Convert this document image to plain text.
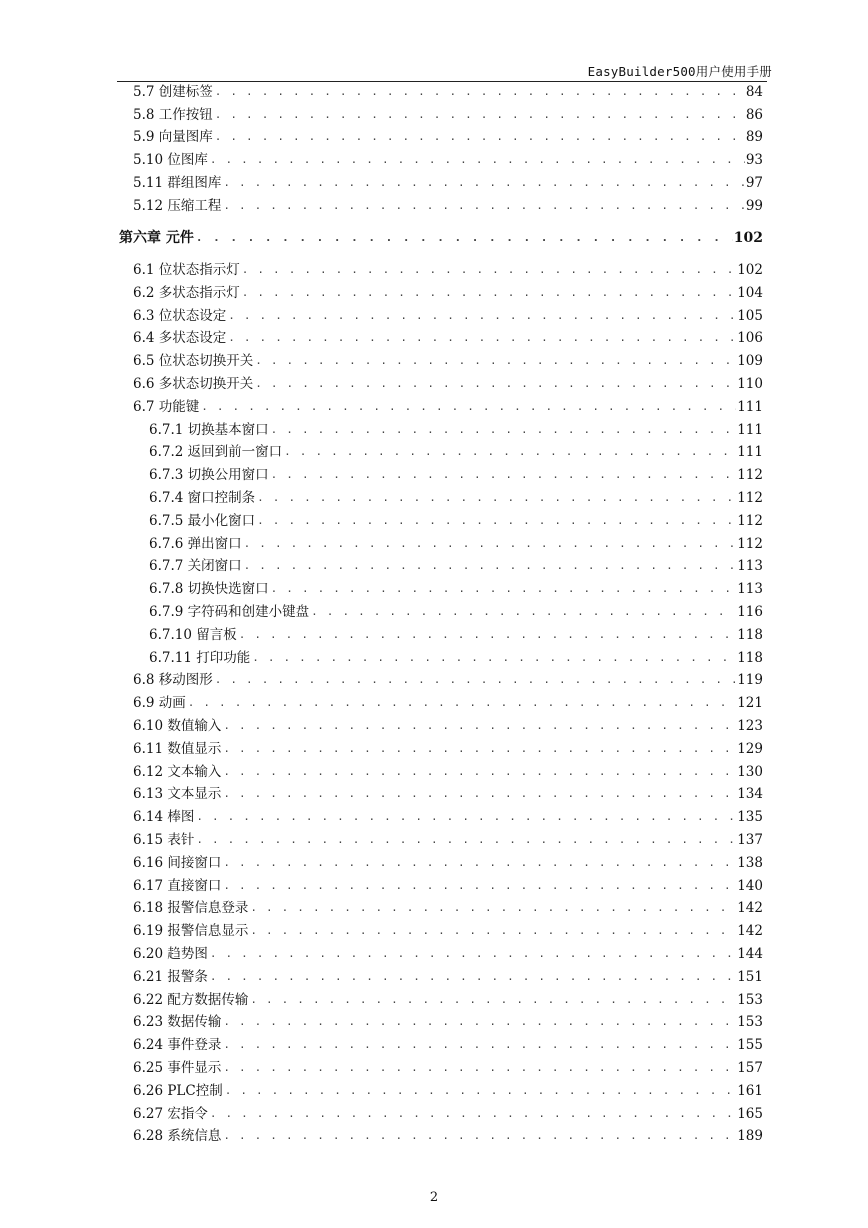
EasyBuilder500用户使用手册
5.7 创建标签 . . .	84
5.8 工作按钮 . . .	86
5.9 向量图库 . . .	89
5.10 位图库 . . .	93
5.11 群组图库 . . .	97
5.12 压缩工程 . . .	99
第六章 元件 . . .	102
6.1 位状态指示灯 . . .	102
6.2 多状态指示灯 . . .	104
6.3 位状态设定 . . .	105
6.4 多状态设定 . . .	106
6.5 位状态切换开关 . . .	109
6.6 多状态切换开关 . . .	110
6.7 功能键 . . .	111
6.7.1 切换基本窗口 . . .	111
6.7.2 返回到前一窗口 . . .	111
6.7.3 切换公用窗口 . . .	112
6.7.4 窗口控制条 . . .	112
6.7.5 最小化窗口 . . .	112
6.7.6 弹出窗口 . . .	112
6.7.7 关闭窗口 . . .	113
6.7.8 切换快选窗口 . . .	113
6.7.9 字符码和创建小键盘 . . .	116
6.7.10 留言板 . . .	118
6.7.11 打印功能 . . .	118
6.8 移动图形 . . .	119
6.9 动画 . . .	121
6.10 数值输入 . . .	123
6.11 数值显示 . . .	129
6.12 文本输入 . . .	130
6.13 文本显示 . . .	134
6.14 棒图 . . .	135
6.15 表针 . . .	137
6.16 间接窗口 . . .	138
6.17 直接窗口 . . .	140
6.18 报警信息登录 . . .	142
6.19 报警信息显示 . . .	142
6.20 趋势图 . . .	144
6.21 报警条 . . .	151
6.22 配方数据传输 . . .	153
6.23 数据传输 . . .	153
6.24 事件登录 . . .	155
6.25 事件显示 . . .	157
6.26 PLC控制 . . .	161
6.27 宏指令 . . .	165
6.28 系统信息 . . .	189
2
